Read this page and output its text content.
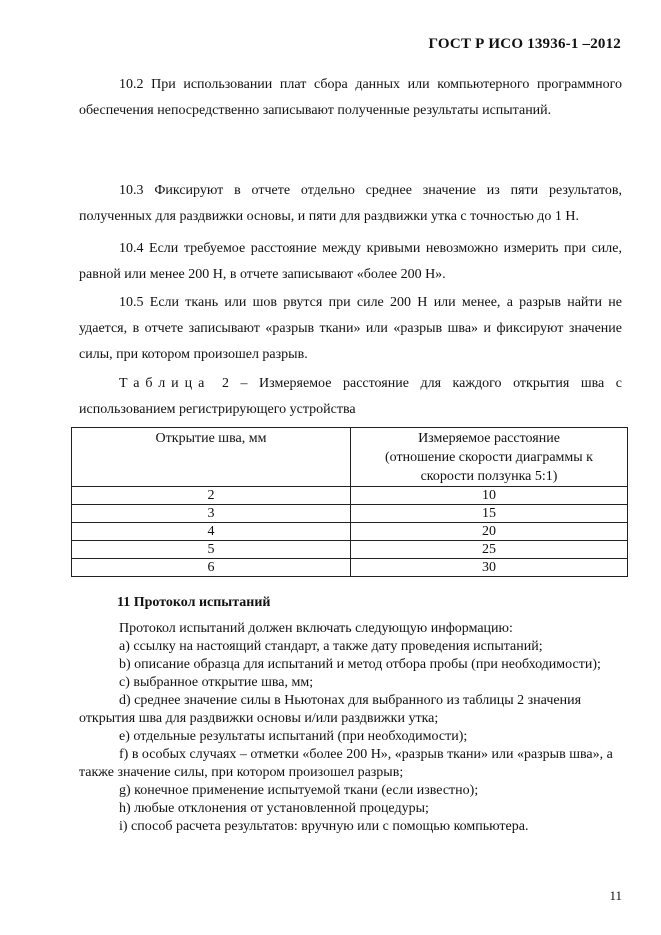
ГОСТ Р ИСО 13936-1 –2012

10.2 При использовании плат сбора данных или компьютерного программного обеспечения непосредственно записывают полученные результаты испытаний.

10.3 Фиксируют в отчете отдельно среднее значение из пяти результатов, полученных для раздвижки основы, и пяти для раздвижки утка с точностью до 1 Н.

10.4 Если требуемое расстояние между кривыми невозможно измерить при силе, равной или менее 200 Н, в отчете записывают «более 200 Н».

10.5 Если ткань или шов рвутся при силе 200 Н или менее, а разрыв найти не удается, в отчете записывают «разрыв ткани» или «разрыв шва» и фиксируют значение силы, при котором произошел разрыв.

Таблица 2 – Измеряемое расстояние для каждого открытия шва с
использованием регистрирующего устройства
Открытие шва, мм	Измеряемое расстояние
(отношение скорости диаграммы к
скорости ползунка 5:1)

2	10
3	15
4	20
5	25
6	30
11 Протокол испытаний
Протокол испытаний должен включать следующую информацию:
a) ссылку на настоящий стандарт, а также дату проведения испытаний;
b) описание образца для испытаний и метод отбора пробы (при необходимости);
c) выбранное открытие шва, мм;
d) среднее значение силы в Ньютонах для выбранного из таблицы 2 значения открытия шва для раздвижки основы и/или раздвижки утка;
e) отдельные результаты испытаний (при необходимости);
f) в особых случаях – отметки «более 200 Н», «разрыв ткани» или «разрыв шва», а также значение силы, при котором произошел разрыв;
g) конечное применение испытуемой ткани (если известно);
h) любые отклонения от установленной процедуры;
i) способ расчета результатов: вручную или с помощью компьютера.
11
